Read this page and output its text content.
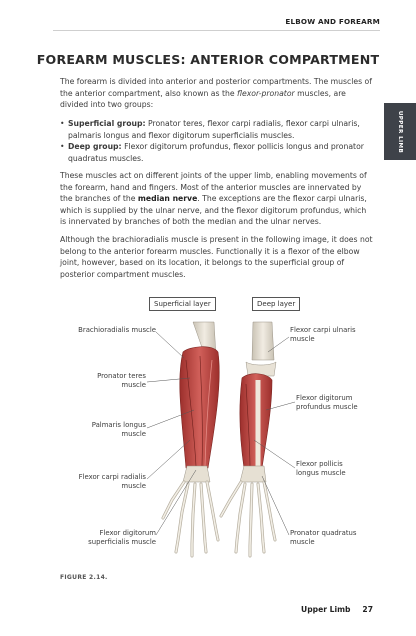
ELBOW AND FOREARM
FOREARM MUSCLES: ANTERIOR COMPARTMENT
UPPER LIMB

The forearm is divided into anterior and posterior compartments. The muscles of the anterior compartment, also known as the flexor-pronator muscles, are divided into two groups:

• Superficial group: Pronator teres, flexor carpi radialis, flexor carpi ulnaris, palmaris longus and flexor digitorum superficialis muscles.
• Deep group: Flexor digitorum profundus, flexor pollicis longus and pronator quadratus muscles.

These muscles act on different joints of the upper limb, enabling movements of the forearm, hand and fingers. Most of the anterior muscles are innervated by the branches of the median nerve. The exceptions are the flexor carpi ulnaris, which is supplied by the ulnar nerve, and the flexor digitorum profundus, which is innervated by branches of both the median and the ulnar nerves.

Although the brachioradialis muscle is present in the following image, it does not belong to the anterior forearm muscles. Functionally it is a flexor of the elbow joint, however, based on its location, it belongs to the superficial group of posterior compartment muscles.

Superficial layer	Deep layer
Brachioradialis muscle
Pronator teres
muscle
Palmaris longus
muscle
Flexor carpi radialis
muscle
Flexor digitorum
superficialis muscle
Flexor carpi ulnaris
muscle
Flexor digitorum
profundus muscle
Flexor pollicis
longus muscle
Pronator quadratus
muscle
FIGURE 2.14.
Upper Limb 27
